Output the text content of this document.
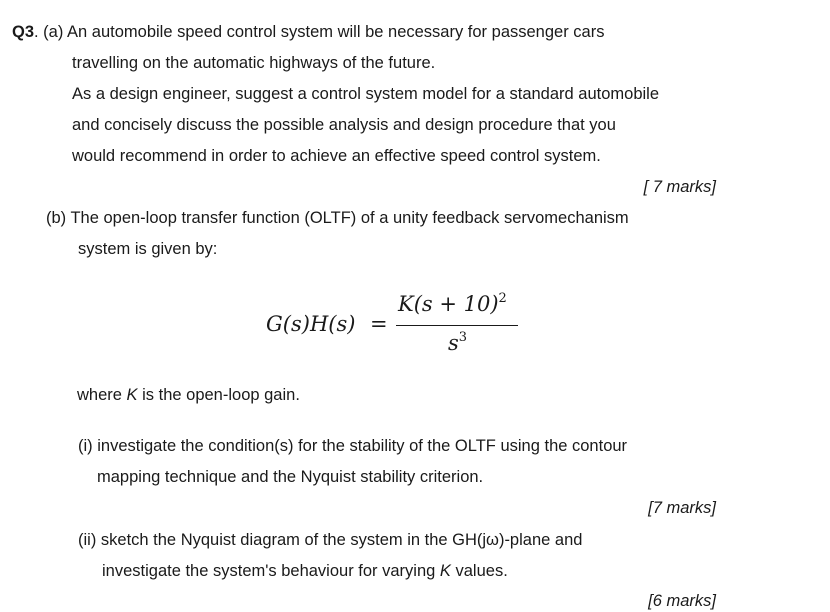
Q3. (a) An automobile speed control system will be necessary for passenger cars
travelling on the automatic highways of the future.
As a design engineer, suggest a control system model for a standard automobile
and concisely discuss the possible analysis and design procedure that you
would recommend in order to achieve an effective speed control system.
[ 7 marks]
(b) The open-loop transfer function (OLTF) of a unity feedback servomechanism
system is given by:
G(s)H(s) =
$K(s + 10)^2$
$s^3$
where K is the open-loop gain.
(i) investigate the condition(s) for the stability of the OLTF using the contour
mapping technique and the Nyquist stability criterion.
[7 marks]
(ii) sketch the Nyquist diagram of the system in the GH(jω)-plane and
investigate the system's behaviour for varying K values.
[6 marks]
